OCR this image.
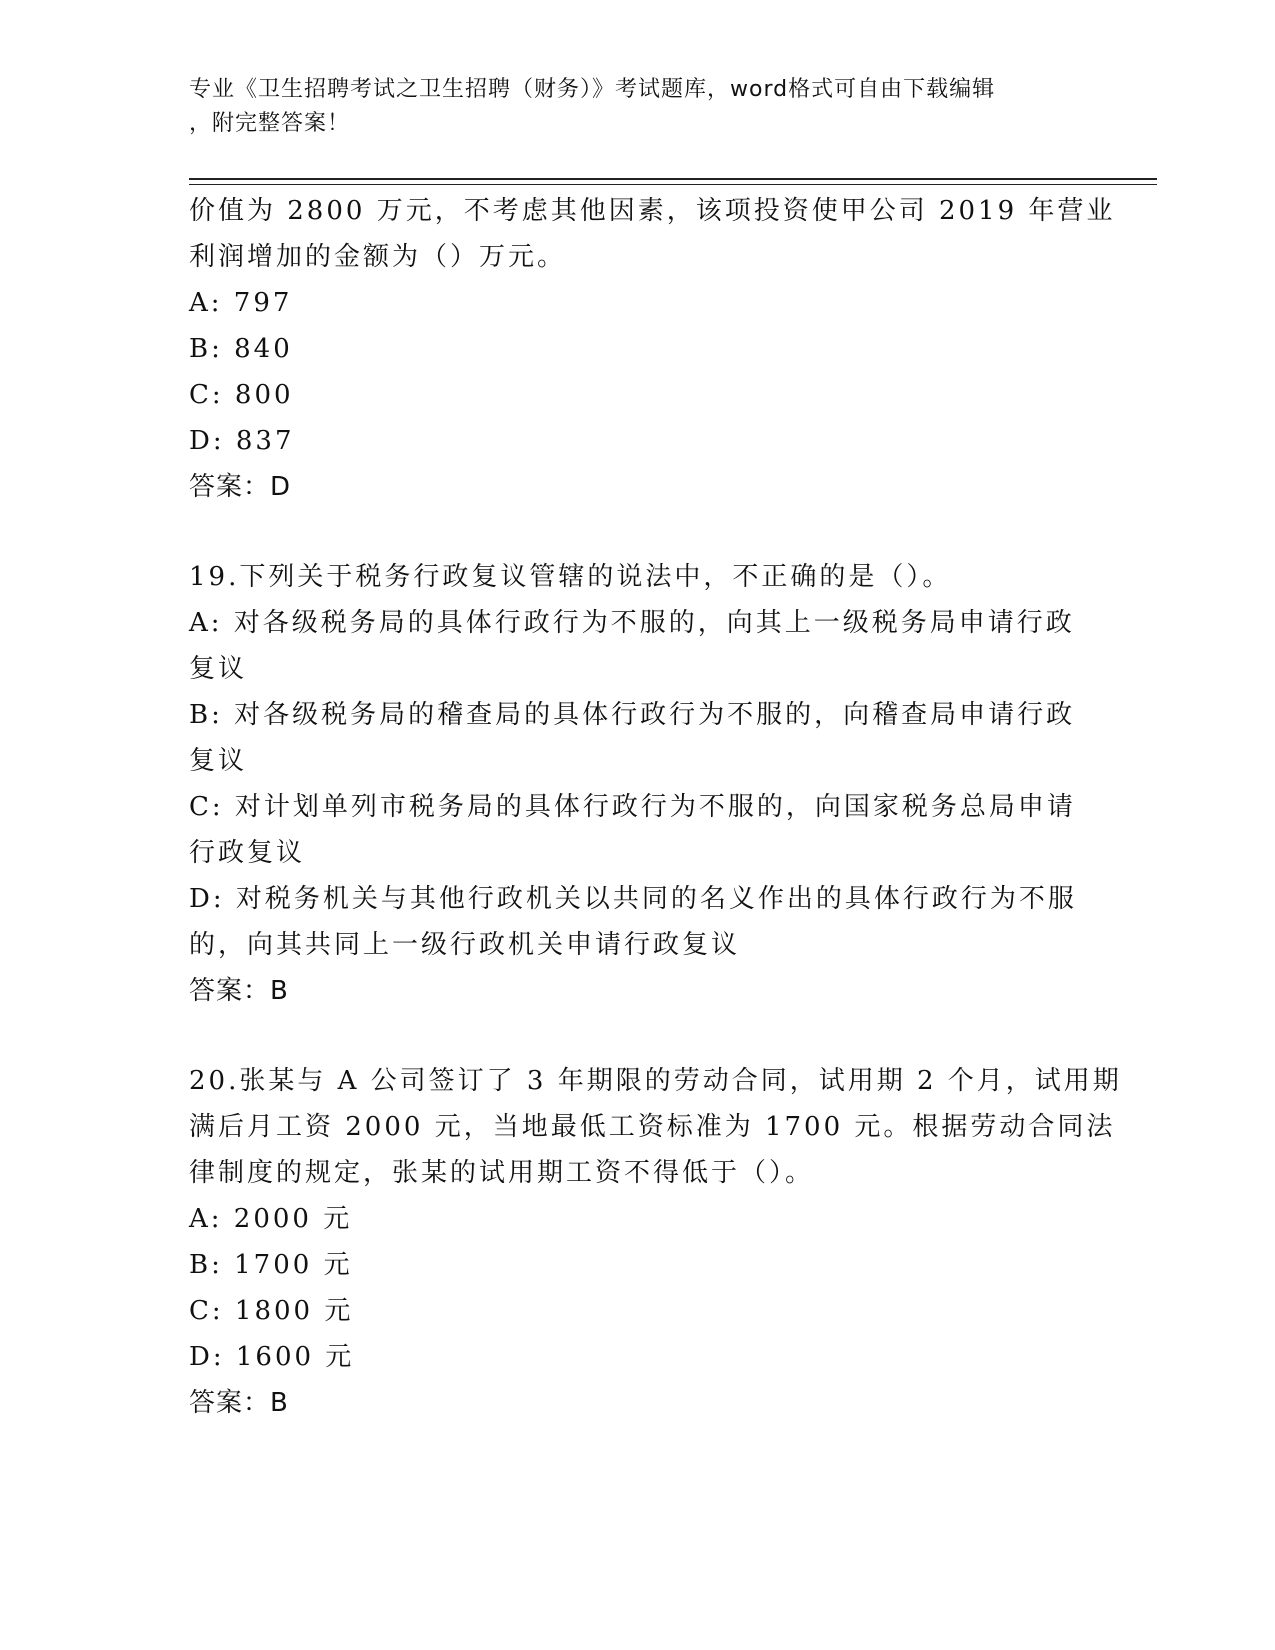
专业《卫生招聘考试之卫生招聘（财务）》考试题库，word格式可自由下载编辑
，附完整答案！
价值为 2800 万元，不考虑其他因素，该项投资使甲公司 2019 年营业
利润增加的金额为（）万元。
A: 797
B: 840
C: 800
D: 837
答案：D
19.下列关于税务行政复议管辖的说法中，不正确的是（）。
A: 对各级税务局的具体行政行为不服的，向其上一级税务局申请行政
复议
B: 对各级税务局的稽查局的具体行政行为不服的，向稽查局申请行政
复议
C: 对计划单列市税务局的具体行政行为不服的，向国家税务总局申请
行政复议
D: 对税务机关与其他行政机关以共同的名义作出的具体行政行为不服
的，向其共同上一级行政机关申请行政复议
答案：B
20.张某与 A 公司签订了 3 年期限的劳动合同，试用期 2 个月，试用期
满后月工资 2000 元，当地最低工资标准为 1700 元。根据劳动合同法
律制度的规定，张某的试用期工资不得低于（）。
A: 2000 元
B: 1700 元
C: 1800 元
D: 1600 元
答案：B
